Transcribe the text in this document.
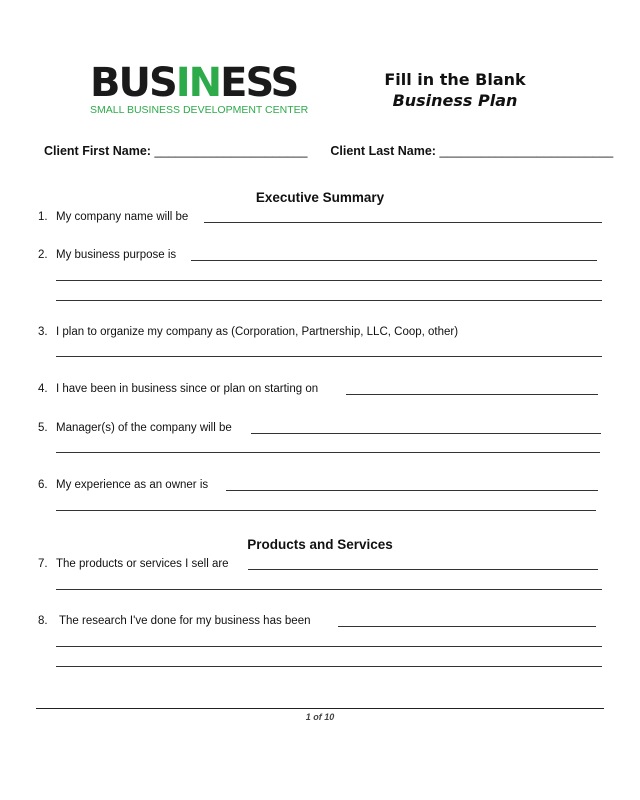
BUSINESS
SMALL BUSINESS DEVELOPMENT CENTER
Fill in the Blank
Business Plan
Client First Name: ______________________ Client Last Name: _________________________
Executive Summary
1. My company name will be
2. My business purpose is
3. I plan to organize my company as (Corporation, Partnership, LLC, Coop, other)
4. I have been in business since or plan on starting on
5. Manager(s) of the company will be
6. My experience as an owner is
Products and Services
7. The products or services I sell are
8. The research I've done for my business has been
1 of 10
